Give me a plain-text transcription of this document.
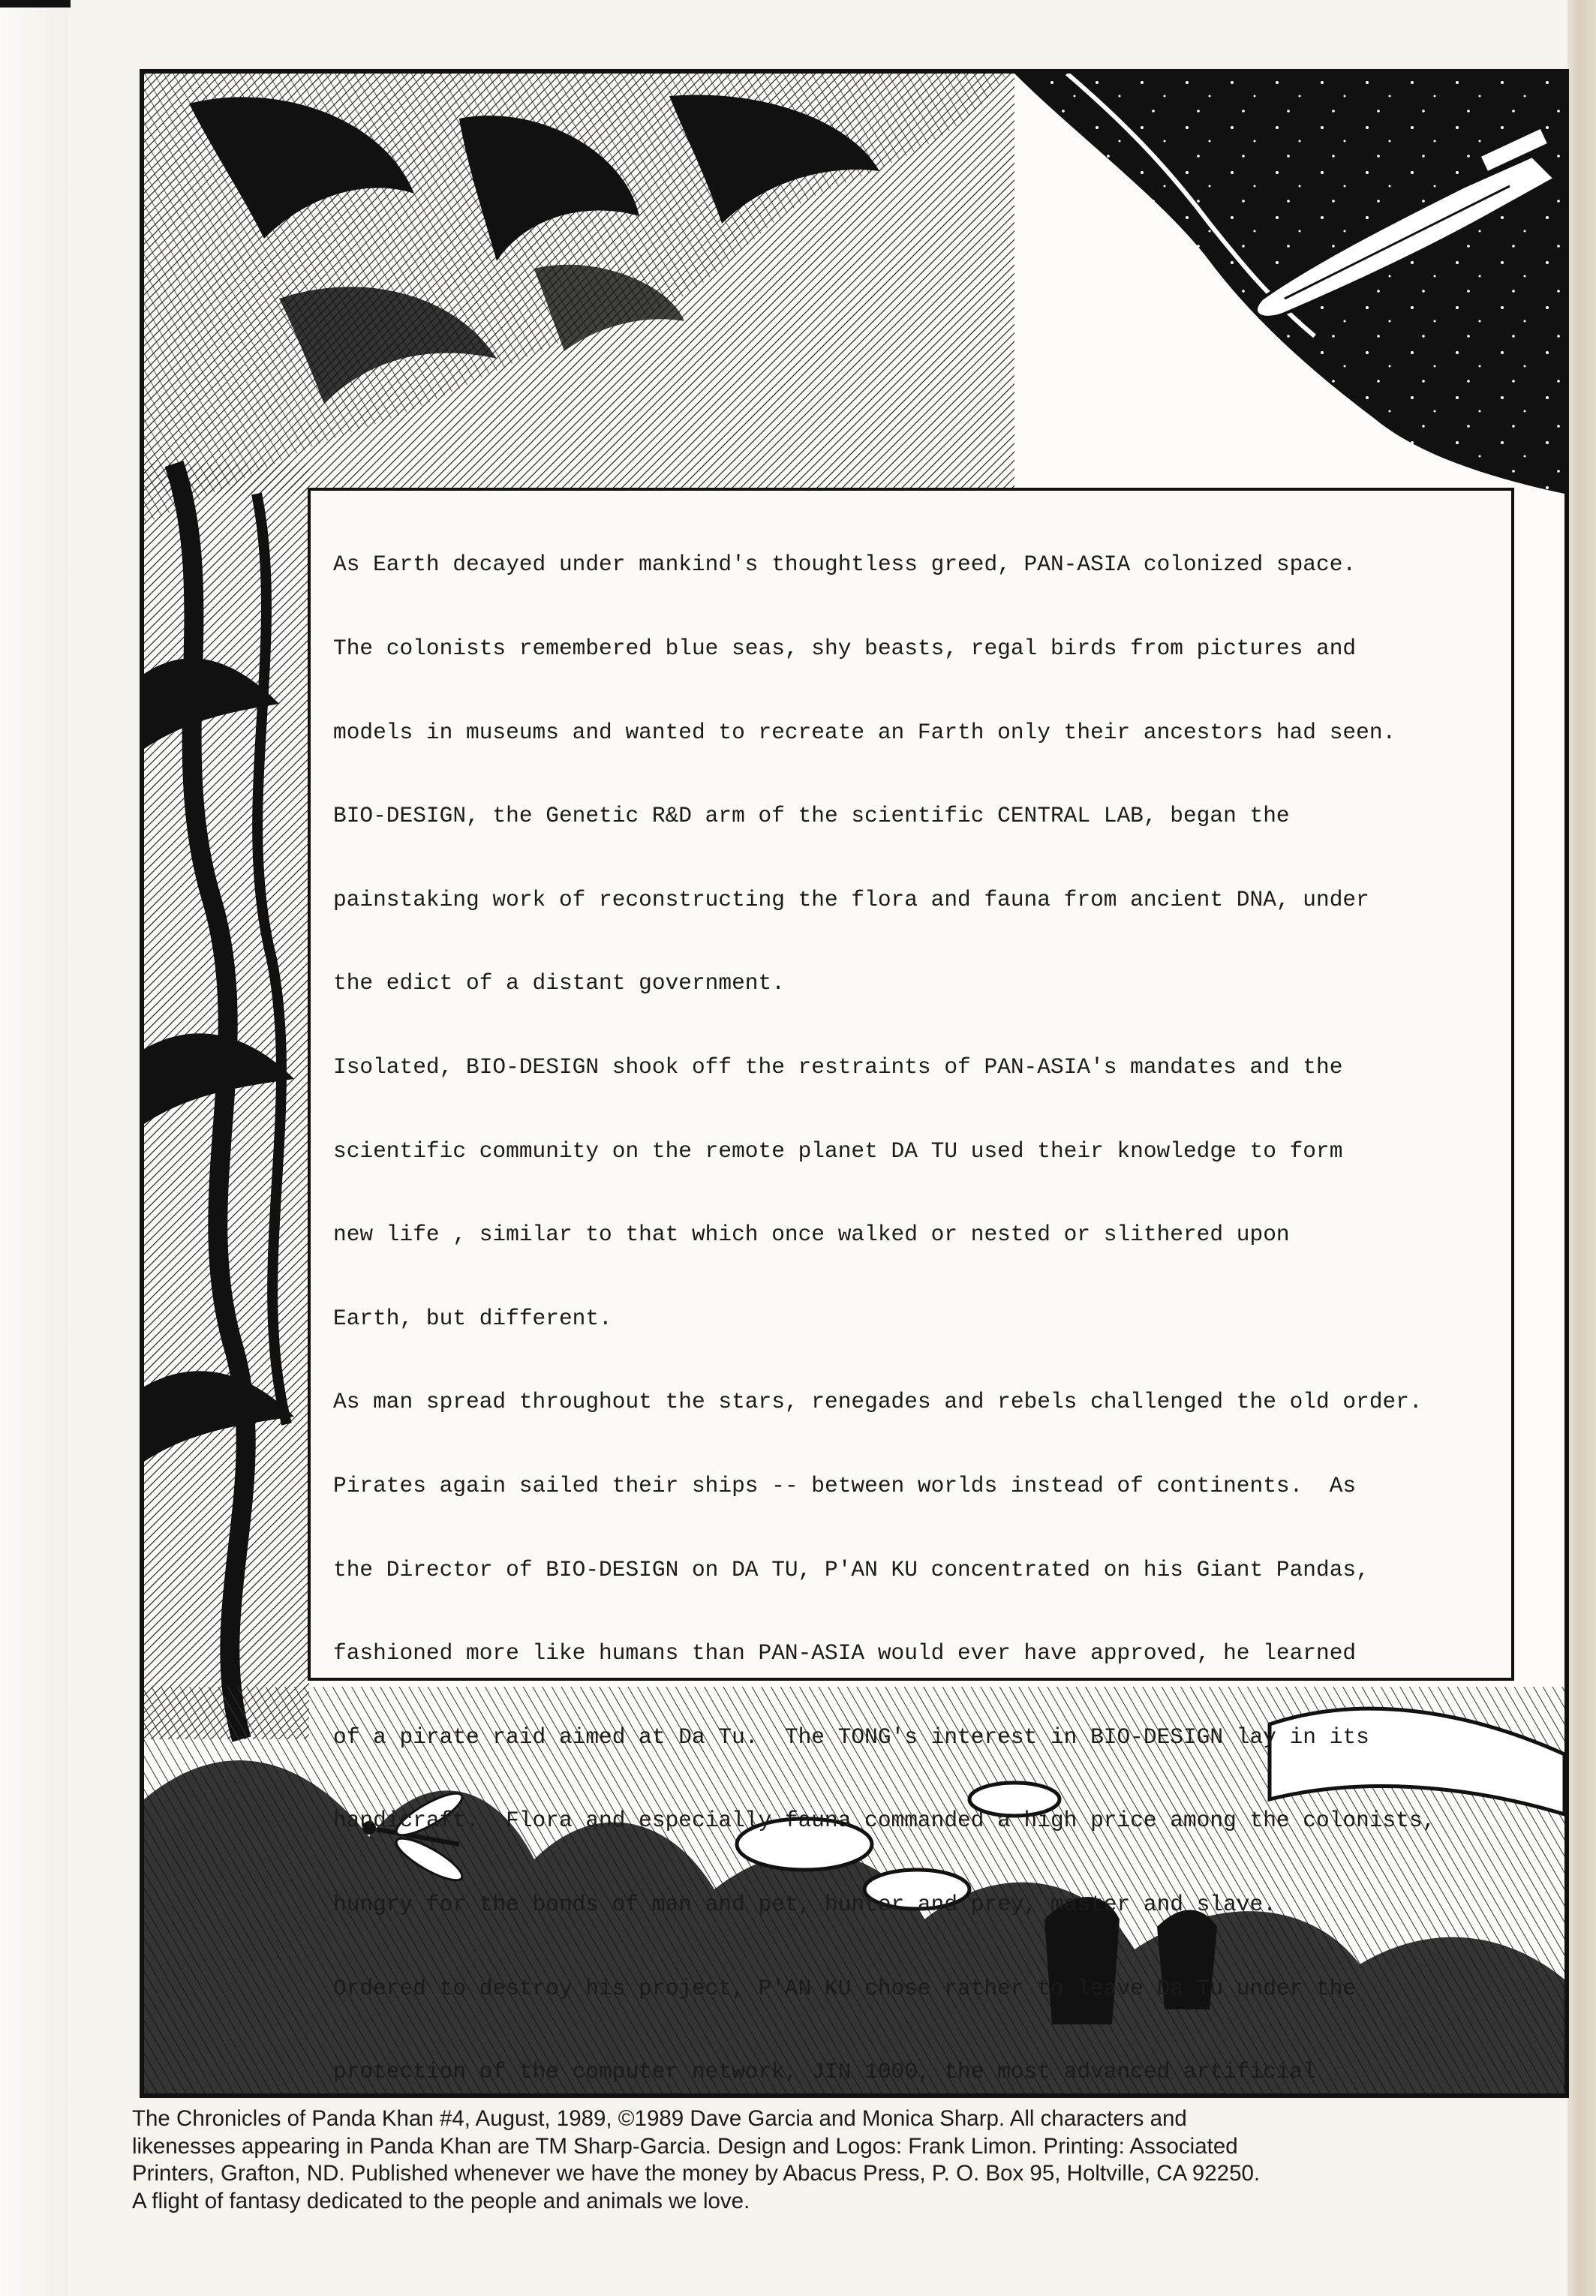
As Earth decayed under mankind's thoughtless greed, PAN-ASIA colonized space.

The colonists remembered blue seas, shy beasts, regal birds from pictures and

models in museums and wanted to recreate an Farth only their ancestors had seen.

BIO-DESIGN, the Genetic R&D arm of the scientific CENTRAL LAB, began the

painstaking work of reconstructing the flora and fauna from ancient DNA, under

the edict of a distant government.

Isolated, BIO-DESIGN shook off the restraints of PAN-ASIA's mandates and the

scientific community on the remote planet DA TU used their knowledge to form

new life , similar to that which once walked or nested or slithered upon

Earth, but different.

As man spread throughout the stars, renegades and rebels challenged the old order.

Pirates again sailed their ships -- between worlds instead of continents.  As

the Director of BIO-DESIGN on DA TU, P'AN KU concentrated on his Giant Pandas,

fashioned more like humans than PAN-ASIA would ever have approved, he learned

of a pirate raid aimed at Da Tu.  The TONG's interest in BIO-DESIGN lay in its

handicraft.  Flora and especially fauna commanded a high price among the colonists,

hungry for the bonds of man and pet, hunter and prey, master and slave.

Ordered to destroy his project, P'AN KU chose rather to leave Da Tu under the

protection of the computer network, JIN 1000, the most advanced artificial

The Chronicles of Panda Khan #4, August, 1989, ©1989 Dave Garcia and Monica Sharp. All characters and
likenesses appearing in Panda Khan are TM Sharp-Garcia. Design and Logos: Frank Limon. Printing: Associated
Printers, Grafton, ND. Published whenever we have the money by Abacus Press, P. O. Box 95, Holtville, CA 92250.
A flight of fantasy dedicated to the people and animals we love.
